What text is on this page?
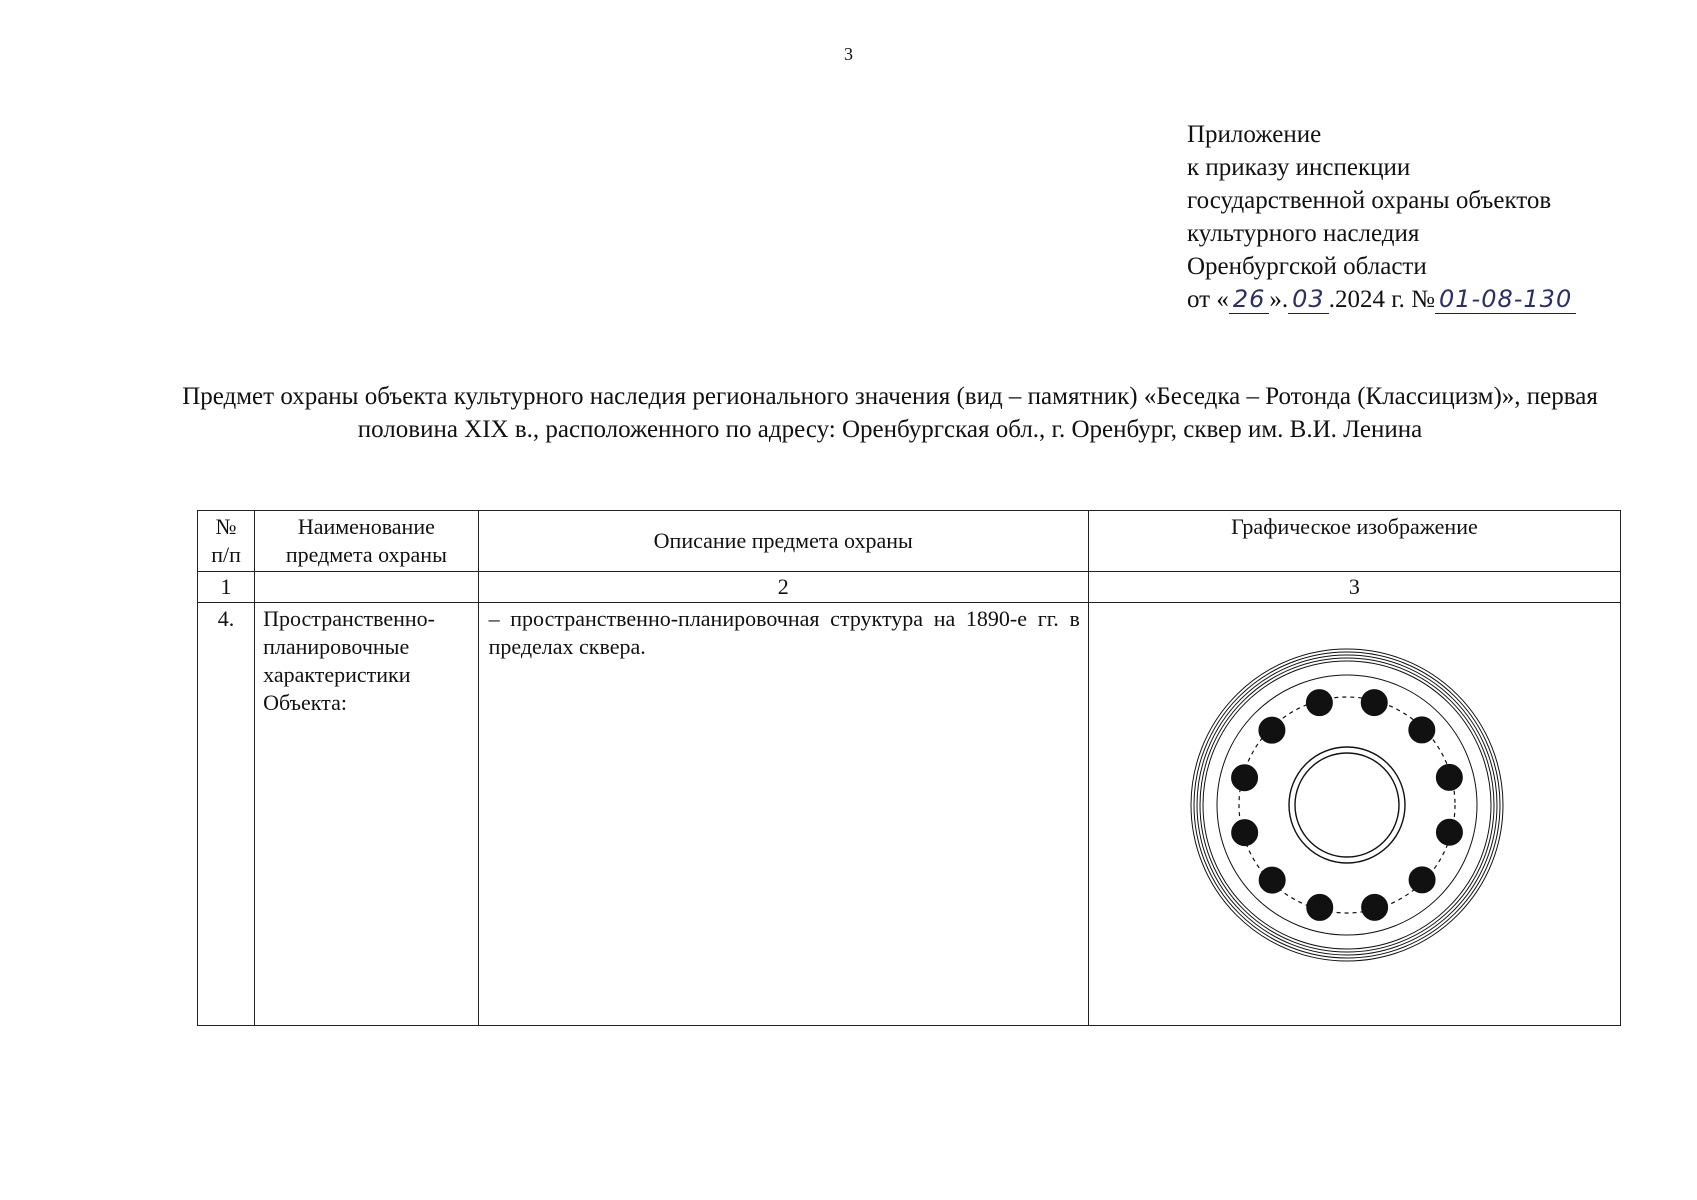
3
Приложение
к приказу инспекции
государственной охраны объектов
культурного наследия
Оренбургской области
от « 26 ». 03 .2024 г. № 01-08-130
Предмет охраны объекта культурного наследия регионального значения (вид – памятник) «Беседка – Ротонда (Классицизм)», первая половина XIX в., расположенного по адресу: Оренбургская обл., г. Оренбург, сквер им. В.И. Ленина
№ п/п	Наименование предмета охраны	Описание предмета охраны	Графическое изображение
1		2	3
4.	Пространственно-планировочные характеристики Объекта:	– пространственно-планировочная структура на 1890-е гг. в пределах сквера.	
